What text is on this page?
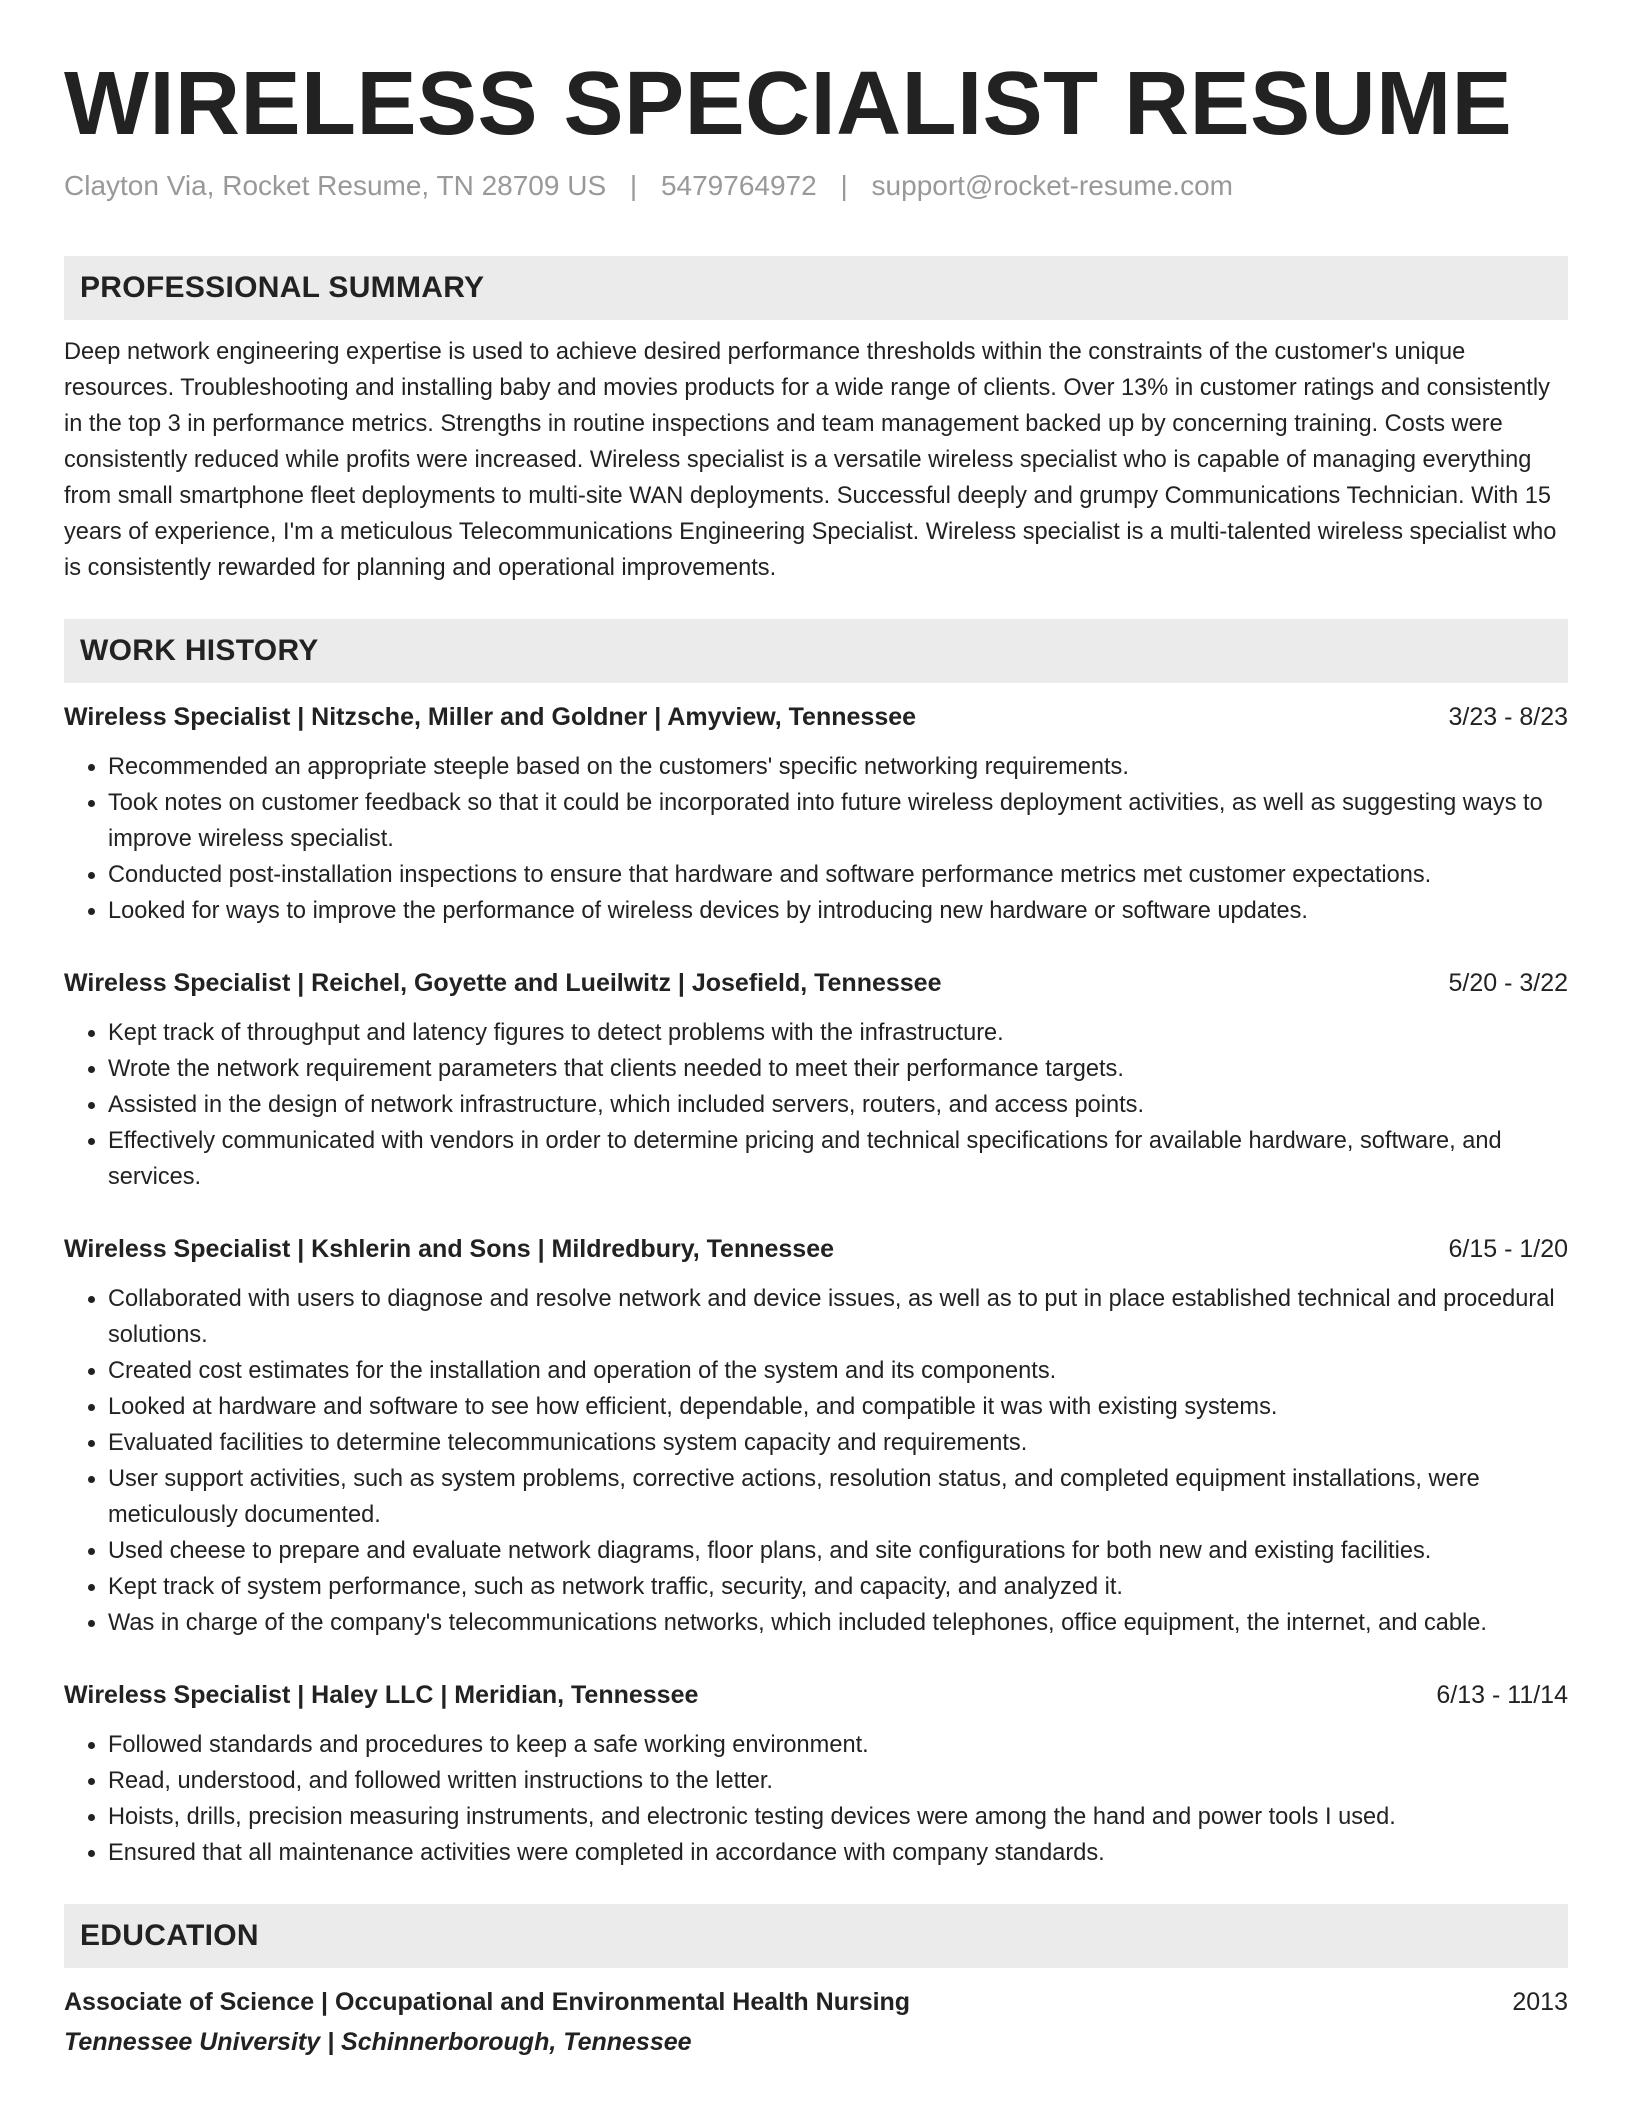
WIRELESS SPECIALIST RESUME
Clayton Via, Rocket Resume, TN 28709 US | 5479764972 | support@rocket-resume.com
PROFESSIONAL SUMMARY

Deep network engineering expertise is used to achieve desired performance thresholds within the constraints of the customer's unique resources. Troubleshooting and installing baby and movies products for a wide range of clients. Over 13% in customer ratings and consistently in the top 3 in performance metrics. Strengths in routine inspections and team management backed up by concerning training. Costs were consistently reduced while profits were increased. Wireless specialist is a versatile wireless specialist who is capable of managing everything from small smartphone fleet deployments to multi-site WAN deployments. Successful deeply and grumpy Communications Technician. With 15 years of experience, I'm a meticulous Telecommunications Engineering Specialist. Wireless specialist is a multi-talented wireless specialist who is consistently rewarded for planning and operational improvements.

WORK HISTORY
Wireless Specialist | Nitzsche, Miller and Goldner | Amyview, Tennessee	3/23 - 8/23
• Recommended an appropriate steeple based on the customers' specific networking requirements.
• Took notes on customer feedback so that it could be incorporated into future wireless deployment activities, as well as suggesting ways to improve wireless specialist.
• Conducted post-installation inspections to ensure that hardware and software performance metrics met customer expectations.
• Looked for ways to improve the performance of wireless devices by introducing new hardware or software updates.
Wireless Specialist | Reichel, Goyette and Lueilwitz | Josefield, Tennessee	5/20 - 3/22
• Kept track of throughput and latency figures to detect problems with the infrastructure.
• Wrote the network requirement parameters that clients needed to meet their performance targets.
• Assisted in the design of network infrastructure, which included servers, routers, and access points.
• Effectively communicated with vendors in order to determine pricing and technical specifications for available hardware, software, and services.
Wireless Specialist | Kshlerin and Sons | Mildredbury, Tennessee	6/15 - 1/20
• Collaborated with users to diagnose and resolve network and device issues, as well as to put in place established technical and procedural solutions.
• Created cost estimates for the installation and operation of the system and its components.
• Looked at hardware and software to see how efficient, dependable, and compatible it was with existing systems.
• Evaluated facilities to determine telecommunications system capacity and requirements.
• User support activities, such as system problems, corrective actions, resolution status, and completed equipment installations, were meticulously documented.
• Used cheese to prepare and evaluate network diagrams, floor plans, and site configurations for both new and existing facilities.
• Kept track of system performance, such as network traffic, security, and capacity, and analyzed it.
• Was in charge of the company's telecommunications networks, which included telephones, office equipment, the internet, and cable.
Wireless Specialist | Haley LLC | Meridian, Tennessee	6/13 - 11/14
• Followed standards and procedures to keep a safe working environment.
• Read, understood, and followed written instructions to the letter.
• Hoists, drills, precision measuring instruments, and electronic testing devices were among the hand and power tools I used.
• Ensured that all maintenance activities were completed in accordance with company standards.
EDUCATION
Associate of Science | Occupational and Environmental Health Nursing	2013
Tennessee University | Schinnerborough, Tennessee
